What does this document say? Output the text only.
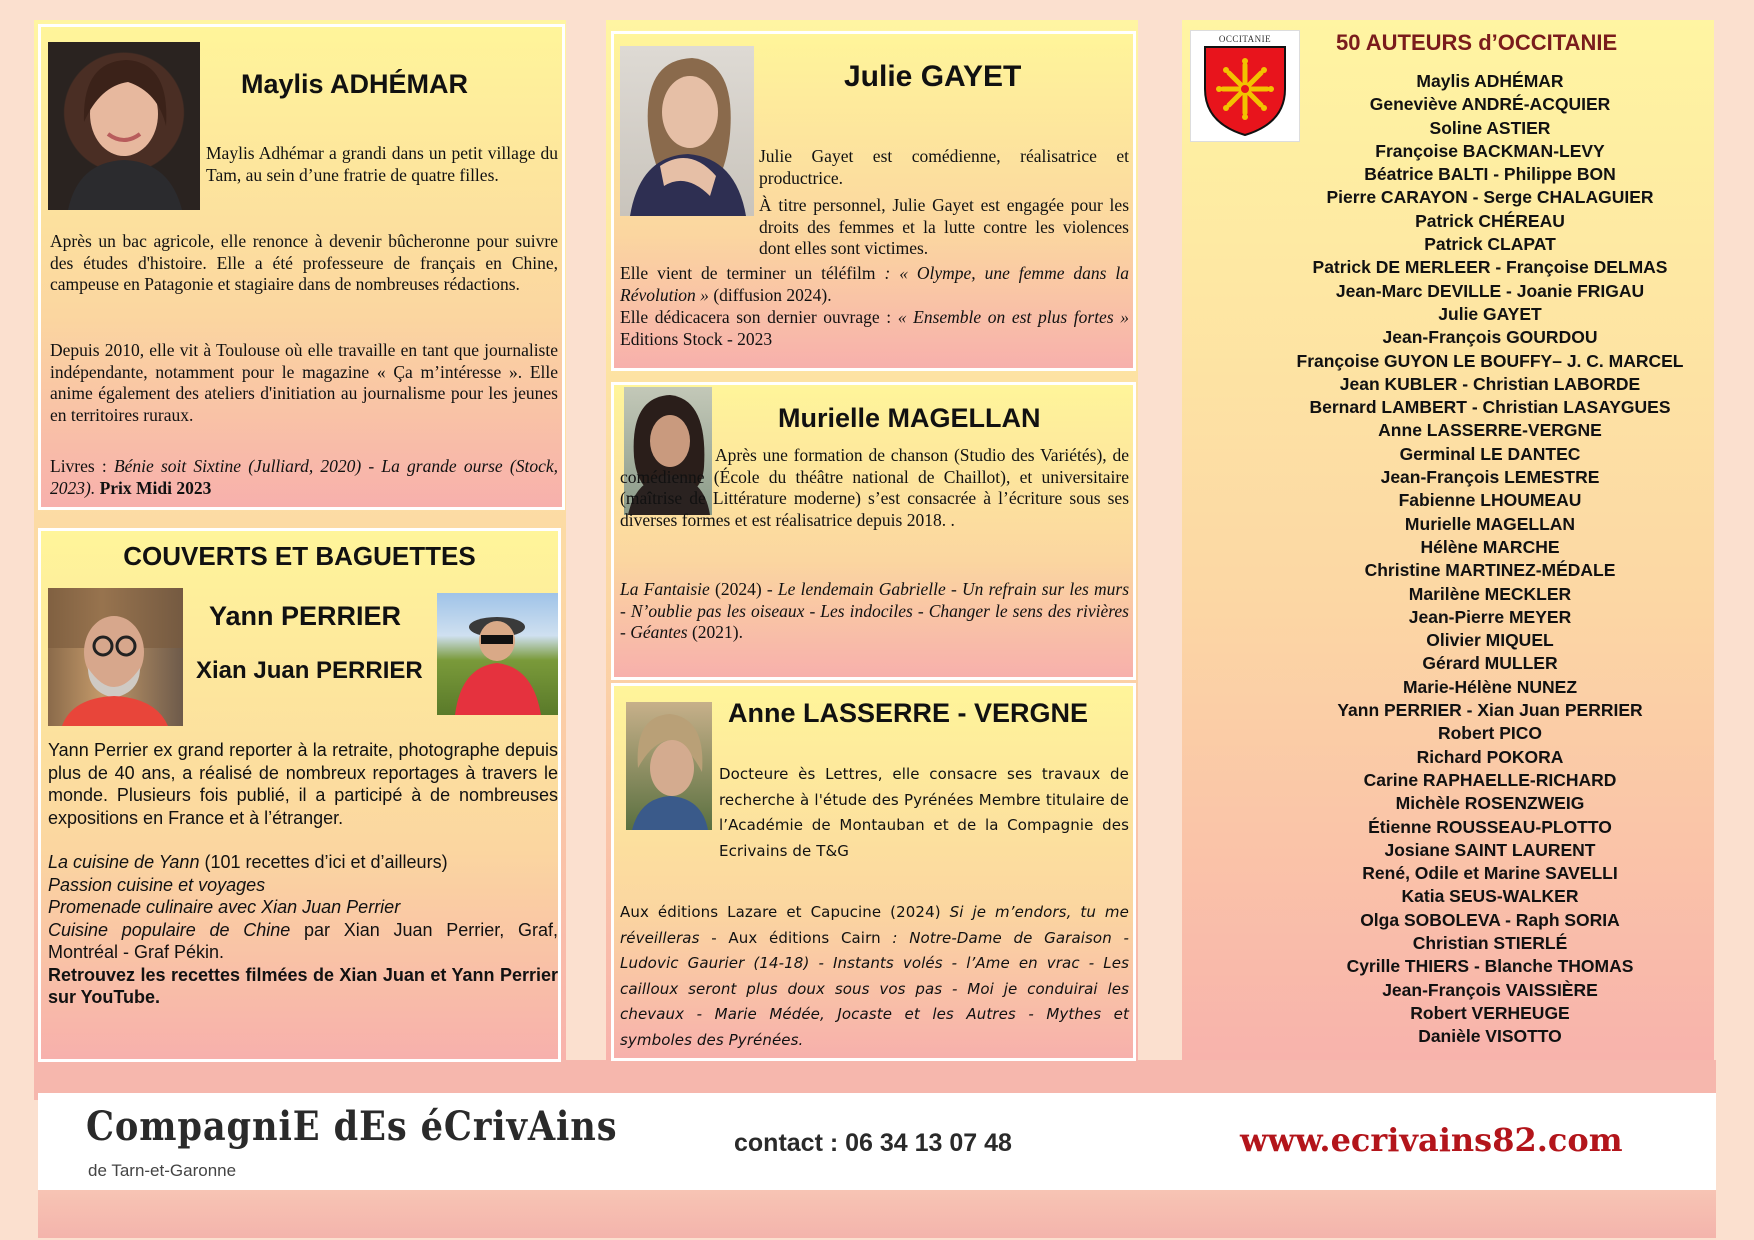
Maylis ADHÉMAR

Maylis Adhémar a grandi dans un petit village du Tam, au sein d’une fratrie de quatre filles.

Après un bac agricole, elle renonce à devenir bûcheronne pour suivre des études d'histoire. Elle a été professeure de français en Chine, campeuse en Patagonie et stagiaire dans de nombreuses rédactions.

Depuis 2010, elle vit à Toulouse où elle travaille en tant que journaliste indépendante, notamment pour le magazine « Ça m’intéresse ». Elle anime également des ateliers d'initiation au journalisme pour les jeunes en territoires ruraux.

Livres : Bénie soit Sixtine (Julliard, 2020) - La grande ourse (Stock, 2023). Prix Midi 2023

COUVERTS ET BAGUETTES
Yann PERRIER
Xian Juan PERRIER

Yann Perrier ex grand reporter à la retraite, photographe depuis plus de 40 ans, a réalisé de nombreux reportages à travers le monde. Plusieurs fois publié, il a participé à de nombreuses expositions en France et à l’étranger.

La cuisine de Yann (101 recettes d’ici et d’ailleurs)
Passion cuisine et voyages
Promenade culinaire avec Xian Juan Perrier
Cuisine populaire de Chine par Xian Juan Perrier, Graf, Montréal - Graf Pékin.
Retrouvez les recettes filmées de Xian Juan et Yann Perrier sur YouTube.
Julie GAYET

Julie Gayet est comédienne, réalisatrice et productrice.

À titre personnel, Julie Gayet est engagée pour les droits des femmes et la lutte contre les violences dont elles sont victimes.

Elle vient de terminer un téléfilm : « Olympe, une femme dans la Révolution » (diffusion 2024).

Elle dédicacera son dernier ouvrage : « Ensemble on est plus fortes » Editions Stock - 2023

Murielle MAGELLAN

Après une formation de chanson (Studio des Variétés), de comédienne (École du théâtre national de Chaillot), et universitaire (maîtrise de Littérature moderne) s’est consacrée à l’écriture sous ses diverses formes et est réalisatrice depuis 2018. .

La Fantaisie (2024) - Le lendemain Gabrielle - Un refrain sur les murs - N’oublie pas les oiseaux - Les indociles - Changer le sens des rivières - Géantes (2021).

Anne LASSERRE - VERGNE

Docteure ès Lettres, elle consacre ses travaux de recherche à l'étude des Pyrénées Membre titulaire de l’Académie de Montauban et de la Compagnie des Ecrivains de T&G

Aux éditions Lazare et Capucine (2024) Si je m’endors, tu me réveilleras - Aux éditions Cairn : Notre-Dame de Garaison - Ludovic Gaurier (14-18) - Instants volés - l’Ame en vrac - Les cailloux seront plus doux sous vos pas - Moi je conduirai les chevaux - Marie Médée, Jocaste et les Autres - Mythes et symboles des Pyrénées.

OCCITANIE	50 AUTEURS d’OCCITANIE
Maylis ADHÉMAR
Geneviève ANDRÉ-ACQUIER
Soline ASTIER
Françoise BACKMAN-LEVY
Béatrice BALTI - Philippe BON
Pierre CARAYON - Serge CHALAGUIER
Patrick CHÉREAU
Patrick CLAPAT
Patrick DE MERLEER - Françoise DELMAS
Jean-Marc DEVILLE - Joanie FRIGAU
Julie GAYET
Jean-François GOURDOU
Françoise GUYON LE BOUFFY– J. C. MARCEL
Jean KUBLER - Christian LABORDE
Bernard LAMBERT - Christian LASAYGUES
Anne LASSERRE-VERGNE
Germinal LE DANTEC
Jean-François LEMESTRE
Fabienne LHOUMEAU
Murielle MAGELLAN
Hélène MARCHE
Christine MARTINEZ-MÉDALE
Marilène MECKLER
Jean-Pierre MEYER
Olivier MIQUEL
Gérard MULLER
Marie-Hélène NUNEZ
Yann PERRIER - Xian Juan PERRIER
Robert PICO
Richard POKORA
Carine RAPHAELLE-RICHARD
Michèle ROSENZWEIG
Étienne ROUSSEAU-PLOTTO
Josiane SAINT LAURENT
René, Odile et Marine SAVELLI
Katia SEUS-WALKER
Olga SOBOLEVA - Raph SORIA
Christian STIERLÉ
Cyrille THIERS - Blanche THOMAS
Jean-François VAISSIÈRE
Robert VERHEUGE
Danièle VISOTTO
CompagniE dEs éCrivAins
de Tarn-et-Garonne
contact : 06 34 13 07 48	www.ecrivains82.com
